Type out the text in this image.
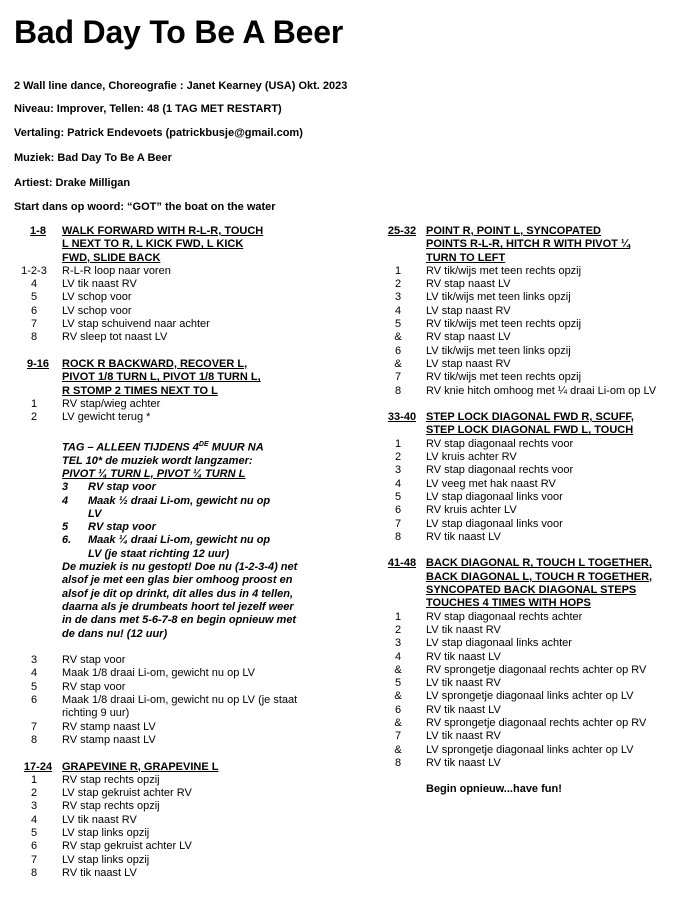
Bad Day To Be A Beer
2 Wall line dance, Choreografie : Janet Kearney (USA) Okt. 2023
Niveau: Improver, Tellen: 48 (1 TAG MET RESTART)
Vertaling: Patrick Endevoets (patrickbusje@gmail.com)
Muziek: Bad Day To Be A Beer
Artiest: Drake Milligan
Start dans op woord: “GOT” the boat on the water
1-8	WALK FORWARD WITH R-L-R, TOUCH
L NEXT TO R, L KICK FWD, L KICK
FWD, SLIDE BACK
1-2-3	R-L-R loop naar voren
4	LV tik naast RV
5	LV schop voor
6	LV schop voor
7	LV stap schuivend naar achter
8	RV sleep tot naast LV
9-16	ROCK R BACKWARD, RECOVER L,
PIVOT 1/8 TURN L, PIVOT 1/8 TURN L,
R STOMP 2 TIMES NEXT TO L
1	RV stap/wieg achter
2	LV gewicht terug *
TAG – ALLEEN TIJDENS 4DE MUUR NA
TEL 10* de muziek wordt langzamer:
PIVOT ¼ TURN L, PIVOT ¼ TURN L
3	RV stap voor
4	Maak ½ draai Li-om, gewicht nu op LV
5	RV stap voor
6.	Maak ¼ draai Li-om, gewicht nu op LV (je staat richting 12 uur)
De muziek is nu gestopt! Doe nu (1-2-3-4) net alsof je met een glas bier omhoog proost en alsof je dit op drinkt, dit alles dus in 4 tellen, daarna als je drumbeats hoort tel jezelf weer in de dans met 5-6-7-8 en begin opnieuw met de dans nu! (12 uur)
3	RV stap voor
4	Maak 1/8 draai Li-om, gewicht nu op LV
5	RV stap voor
6	Maak 1/8 draai Li-om, gewicht nu op LV (je staat richting 9 uur)
7	RV stamp naast LV
8	RV stamp naast LV
17-24 GRAPEVINE R, GRAPEVINE L
1	RV stap rechts opzij
2	LV stap gekruist achter RV
3	RV stap rechts opzij
4	LV tik naast RV
5	LV stap links opzij
6	RV stap gekruist achter LV
7	LV stap links opzij
8	RV tik naast LV
25-32 POINT R, POINT L, SYNCOPATED
POINTS R-L-R, HITCH R WITH PIVOT ¼
TURN TO LEFT
1	RV tik/wijs met teen rechts opzij
2	RV stap naast LV
3	LV tik/wijs met teen links opzij
4	LV stap naast RV
5	RV tik/wijs met teen rechts opzij
&	RV stap naast LV
6	LV tik/wijs met teen links opzij
&	LV stap naast RV
7	RV tik/wijs met teen rechts opzij
8	RV knie hitch omhoog met ¼ draai Li-om op LV
33-40 STEP LOCK DIAGONAL FWD R, SCUFF,
STEP LOCK DIAGONAL FWD L, TOUCH
1	RV stap diagonaal rechts voor
2	LV kruis achter RV
3	RV stap diagonaal rechts voor
4	LV veeg met hak naast RV
5	LV stap diagonaal links voor
6	RV kruis achter LV
7	LV stap diagonaal links voor
8	RV tik naast LV
41-48 BACK DIAGONAL R, TOUCH L TOGETHER,
BACK DIAGONAL L, TOUCH R TOGETHER,
SYNCOPATED BACK DIAGONAL STEPS
TOUCHES 4 TIMES WITH HOPS
1	RV stap diagonaal rechts achter
2	LV tik naast RV
3	LV stap diagonaal links achter
4	RV tik naast LV
&	RV sprongetje diagonaal rechts achter op RV
5	LV tik naast RV
&	LV sprongetje diagonaal links achter op LV
6	RV tik naast LV
&	RV sprongetje diagonaal rechts achter op RV
7	LV tik naast RV
&	LV sprongetje diagonaal links achter op LV
8	RV tik naast LV
Begin opnieuw...have fun!
